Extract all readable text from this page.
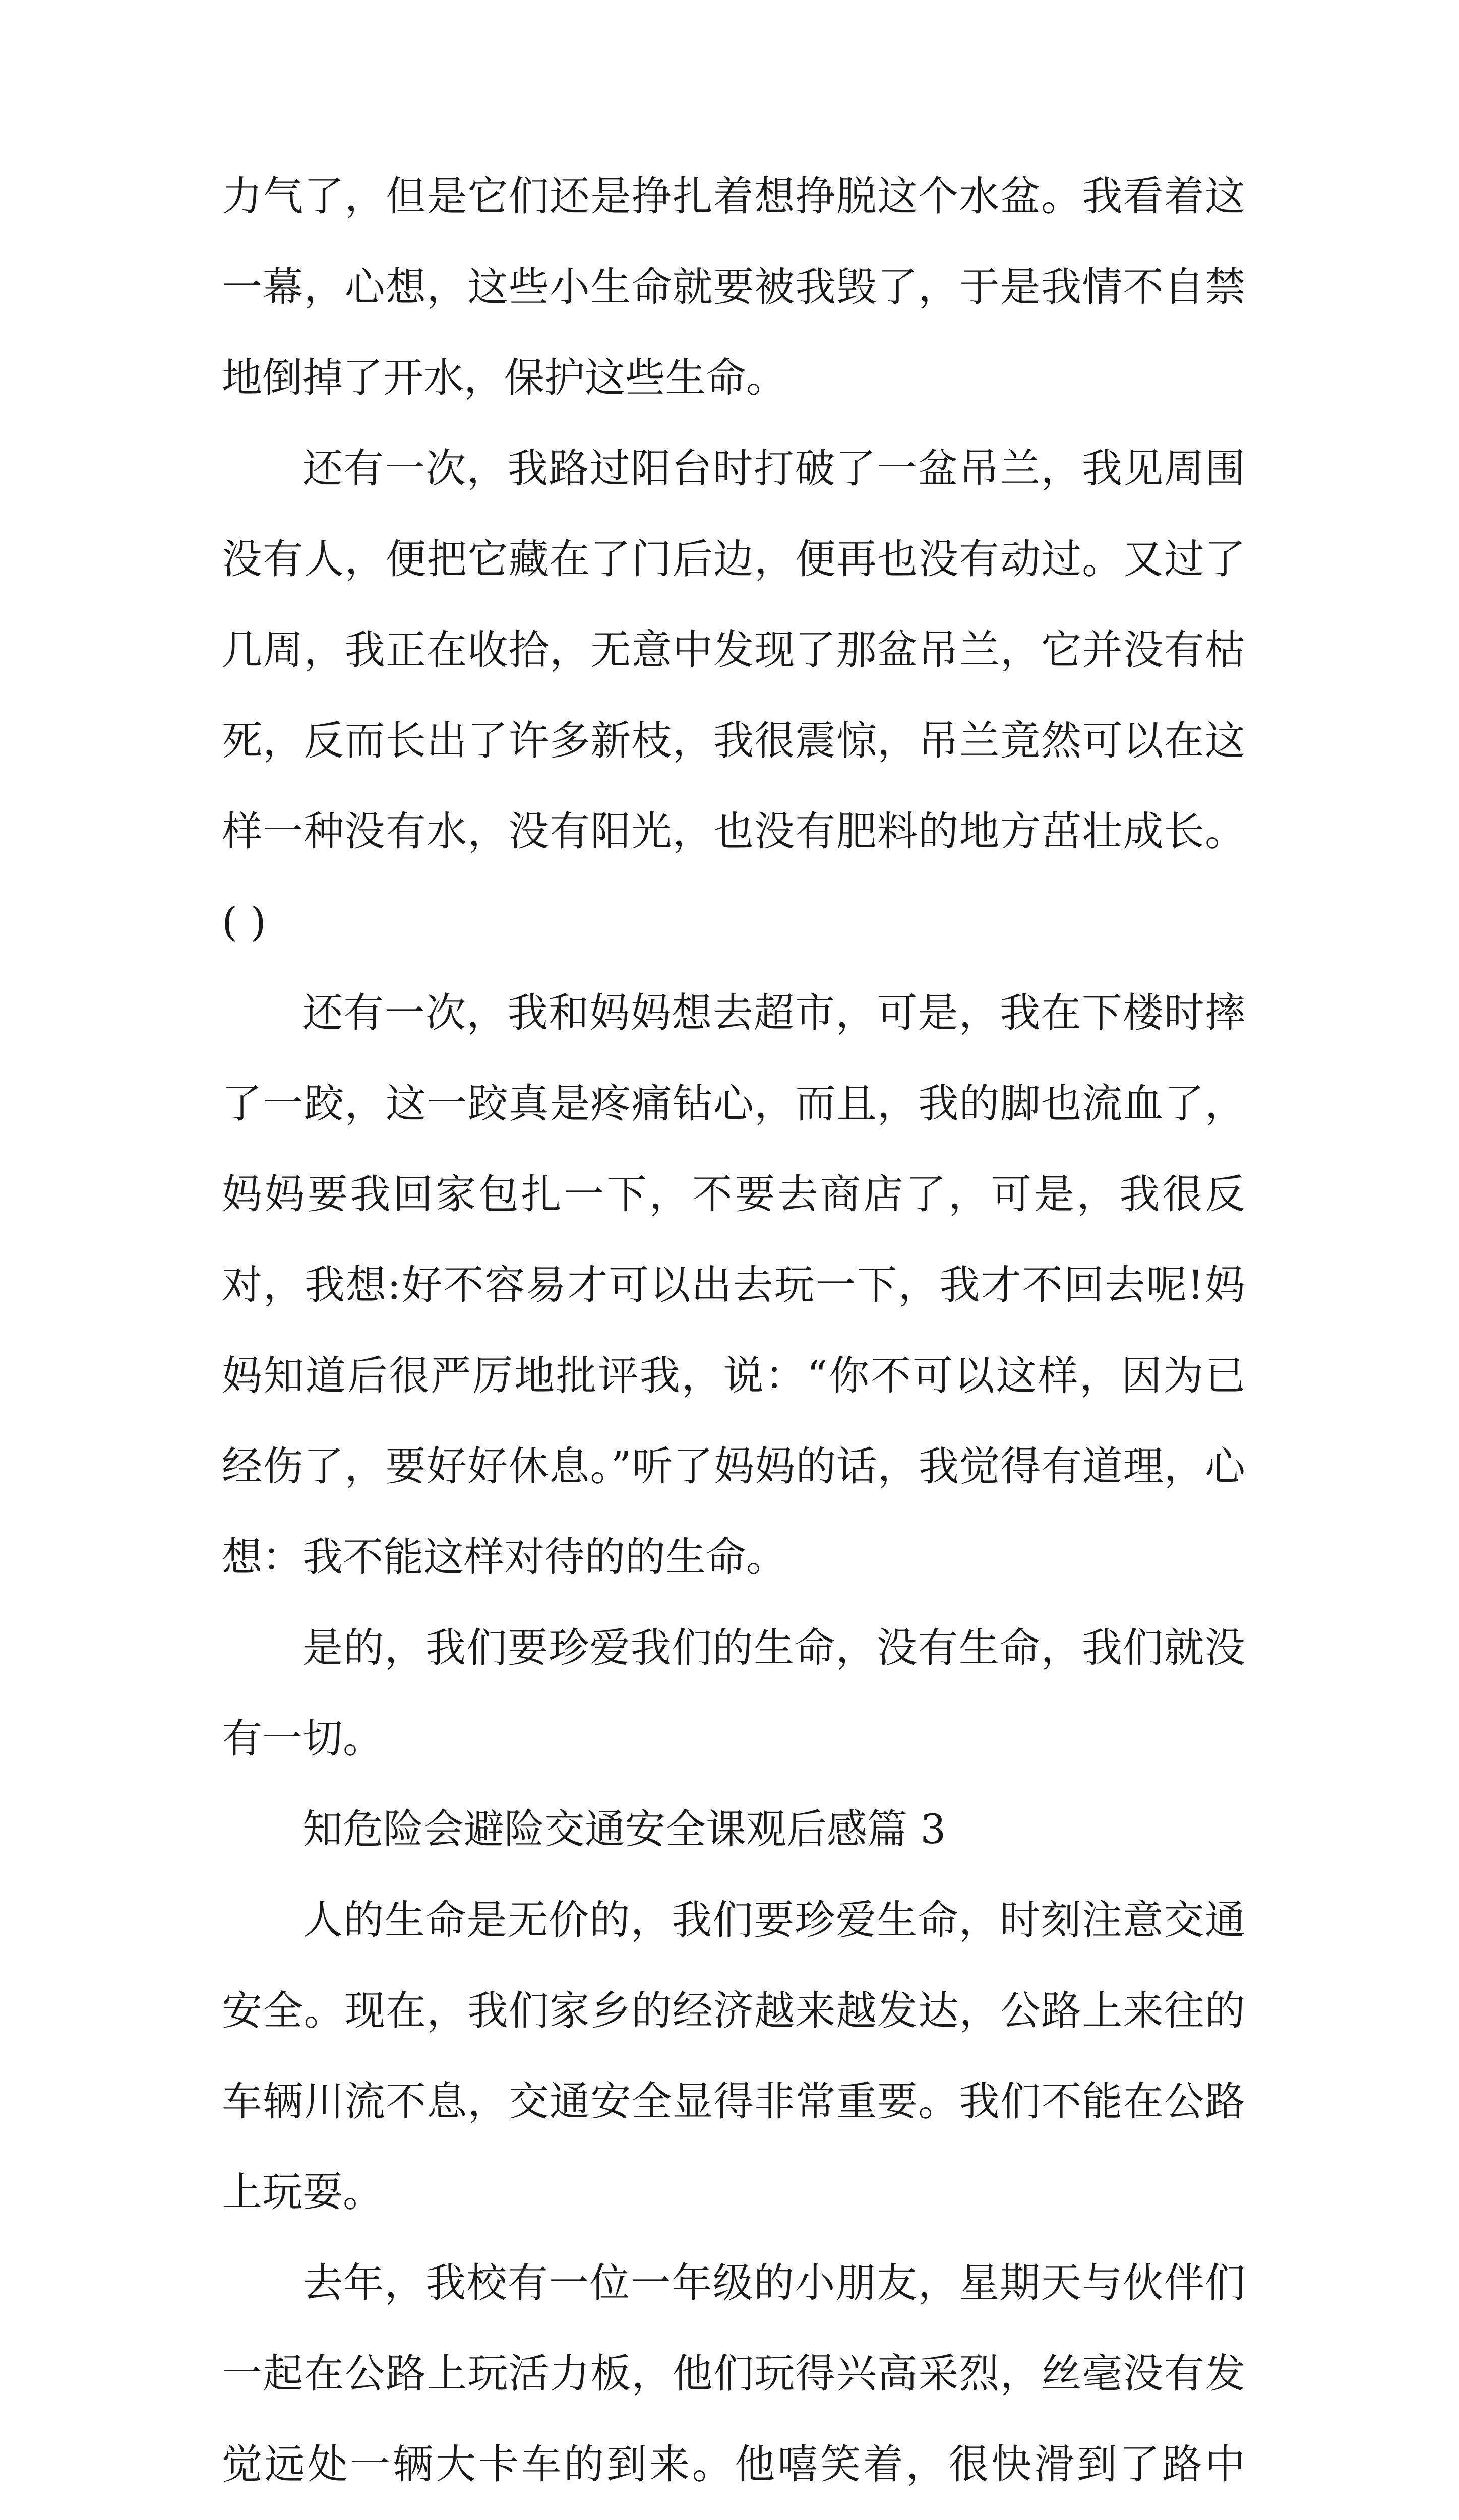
力气了，但是它们还是挣扎着想挣脱这个水盆。我看着这一幕，心想，这些小生命就要被我毁了，于是我情不自禁地倒掉了开水，保护这些生命。

还有一次，我路过阳台时打破了一盆吊兰，我见周围没有人，便把它藏在了门后边，便再也没有动过。又过了几周，我正在收拾，无意中发现了那盆吊兰，它并没有枯死，反而长出了许多新枝，我很震惊，吊兰竟然可以在这样一种没有水，没有阳光，也没有肥料的地方茁壮成长。( )

还有一次，我和妈妈想去超市，可是，我在下楼时摔了一跤，这一跤真是疼痛钻心，而且，我的脚也流血了，妈妈要我回家包扎一下，不要去商店了，可是，我很反对，我想:好不容易才可以出去玩一下，我才不回去呢!妈妈知道后很严厉地批评我，说：“你不可以这样，因为已经伤了，要好好休息。”听了妈妈的话，我觉得有道理，心想：我不能这样对待的的生命。

是的，我们要珍爱我们的生命，没有生命，我们就没有一切。

知危险会避险交通安全课观后感篇 3

人的生命是无价的，我们要珍爱生命，时刻注意交通安全。现在，我们家乡的经济越来越发达，公路上来往的车辆川流不息，交通安全显得非常重要。我们不能在公路上玩耍。

去年，我校有一位一年级的小朋友，星期天与伙伴们一起在公路上玩活力板，他们玩得兴高采烈，丝毫没有发觉远处一辆大卡车的到来。他嘻笑着，很快滑到了路中
